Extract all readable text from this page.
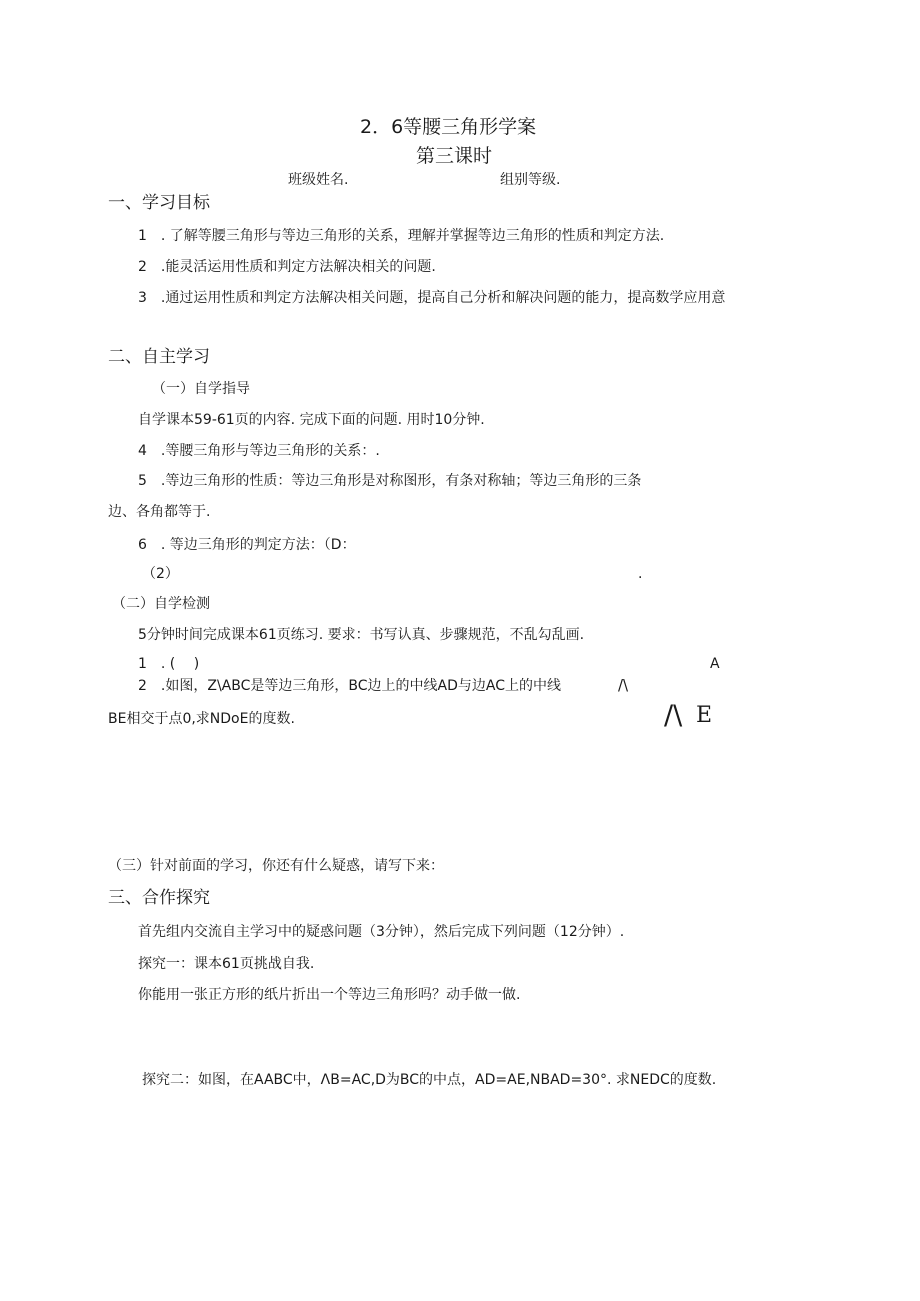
2．6等腰三角形学案
第三课时
班级姓名.	组别等级.
一、学习目标
1　. 了解等腰三角形与等边三角形的关系，理解并掌握等边三角形的性质和判定方法.
2　.能灵活运用性质和判定方法解决相关的问题.
3　.通过运用性质和判定方法解决相关问题，提高自己分析和解决问题的能力，提高数学应用意
二、自主学习
（一）自学指导
自学课本59-61页的内容. 完成下面的问题. 用时10分钟.
4　.等腰三角形与等边三角形的关系：.
5　.等边三角形的性质：等边三角形是对称图形，有条对称轴；等边三角形的三条
边、各角都等于.
6　. 等边三角形的判定方法：（D：
（2）	.
（二）自学检测
5分钟时间完成课本61页练习. 要求：书写认真、步骤规范，不乱勾乱画.
1　. (　 )	A
2　.如图，Z\ABC是等边三角形，BC边上的中线AD与边AC上的中线	/\
BE相交于点0,求NDoE的度数.	/\ E
（三）针对前面的学习，你还有什么疑惑，请写下来：
三、合作探究
首先组内交流自主学习中的疑惑问题（3分钟），然后完成下列问题（12分钟）.
探究一：课本61页挑战自我.
你能用一张正方形的纸片折出一个等边三角形吗？动手做一做.
探究二：如图，在AABC中，ΛB=AC,D为BC的中点，AD=AE,NBAD=30°. 求NEDC的度数.
